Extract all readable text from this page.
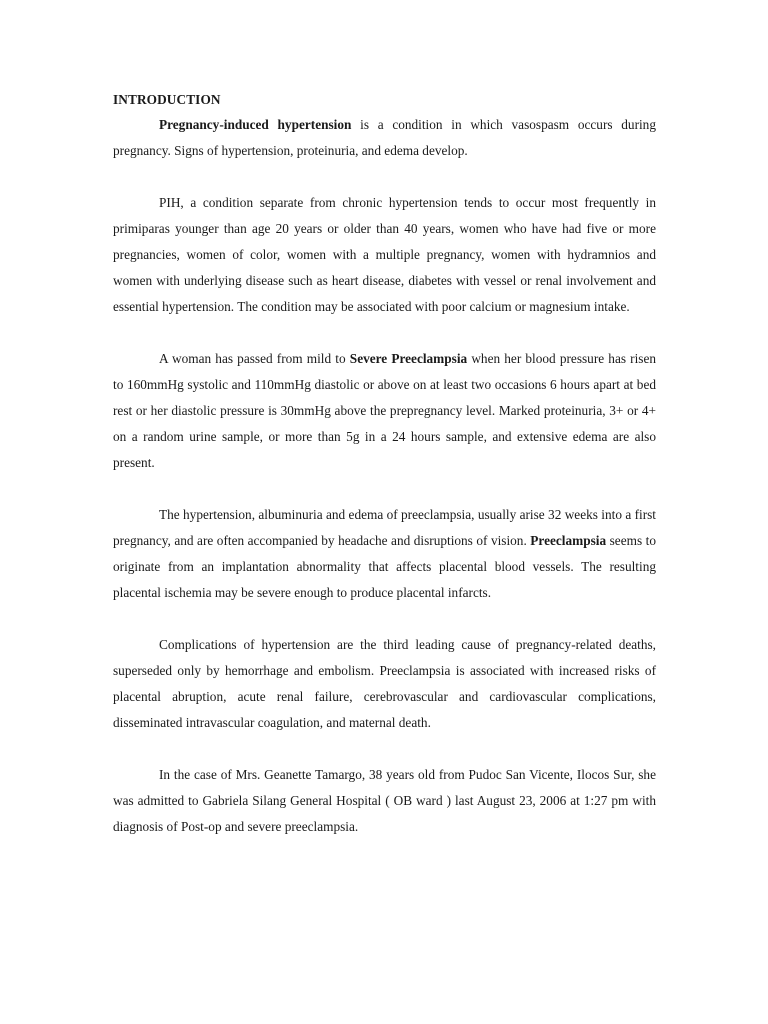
INTRODUCTION

Pregnancy-induced hypertension is a condition in which vasospasm occurs during pregnancy. Signs of hypertension, proteinuria, and edema develop.

PIH, a condition separate from chronic hypertension tends to occur most frequently in primiparas younger than age 20 years or older than 40 years, women who have had five or more pregnancies, women of color, women with a multiple pregnancy, women with hydramnios and women with underlying disease such as heart disease, diabetes with vessel or renal involvement and essential hypertension. The condition may be associated with poor calcium or magnesium intake.

A woman has passed from mild to Severe Preeclampsia when her blood pressure has risen to 160mmHg systolic and 110mmHg diastolic or above on at least two occasions 6 hours apart at bed rest or her diastolic pressure is 30mmHg above the prepregnancy level. Marked proteinuria, 3+ or 4+ on a random urine sample, or more than 5g in a 24 hours sample, and extensive edema are also present.

The hypertension, albuminuria and edema of preeclampsia, usually arise 32 weeks into a first pregnancy, and are often accompanied by headache and disruptions of vision. Preeclampsia seems to originate from an implantation abnormality that affects placental blood vessels. The resulting placental ischemia may be severe enough to produce placental infarcts.

Complications of hypertension are the third leading cause of pregnancy-related deaths, superseded only by hemorrhage and embolism. Preeclampsia is associated with increased risks of placental abruption, acute renal failure, cerebrovascular and cardiovascular complications, disseminated intravascular coagulation, and maternal death.

In the case of Mrs. Geanette Tamargo, 38 years old from Pudoc San Vicente, Ilocos Sur, she was admitted to Gabriela Silang General Hospital ( OB ward ) last August 23, 2006 at 1:27 pm with diagnosis of Post-op and severe preeclampsia.
